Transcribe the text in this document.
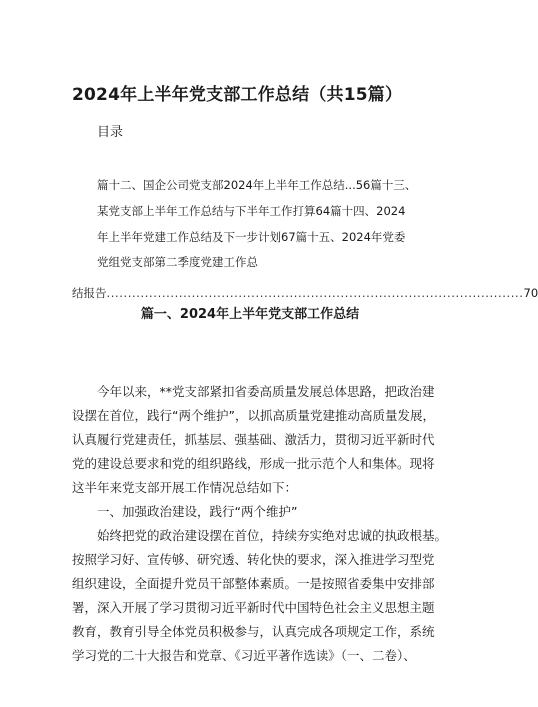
2024年上半年党支部工作总结（共15篇）
目录
篇十二、国企公司党支部2024年上半年工作总结...56篇十三、
某党支部上半年工作总结与下半年工作打算64篇十四、2024
年上半年党建工作总结及下一步计划67篇十五、2024年党委
党组党支部第二季度党建工作总
结报告 .................................................................................................. 70
篇一、2024年上半年党支部工作总结
今年以来，**党支部紧扣省委高质量发展总体思路，把政治建
设摆在首位，践行“两个维护”，以抓高质量党建推动高质量发展，
认真履行党建责任，抓基层、强基础、激活力，贯彻习近平新时代
党的建设总要求和党的组织路线，形成一批示范个人和集体。现将
这半年来党支部开展工作情况总结如下：
一、加强政治建设，践行“两个维护”
始终把党的政治建设摆在首位，持续夯实绝对忠诚的执政根基。
按照学习好、宣传够、研究透、转化快的要求，深入推进学习型党
组织建设，全面提升党员干部整体素质。一是按照省委集中安排部
署，深入开展了学习贯彻习近平新时代中国特色社会主义思想主题
教育，教育引导全体党员积极参与，认真完成各项规定工作，系统
学习党的二十大报告和党章、《习近平著作选读》（一、二卷）、
